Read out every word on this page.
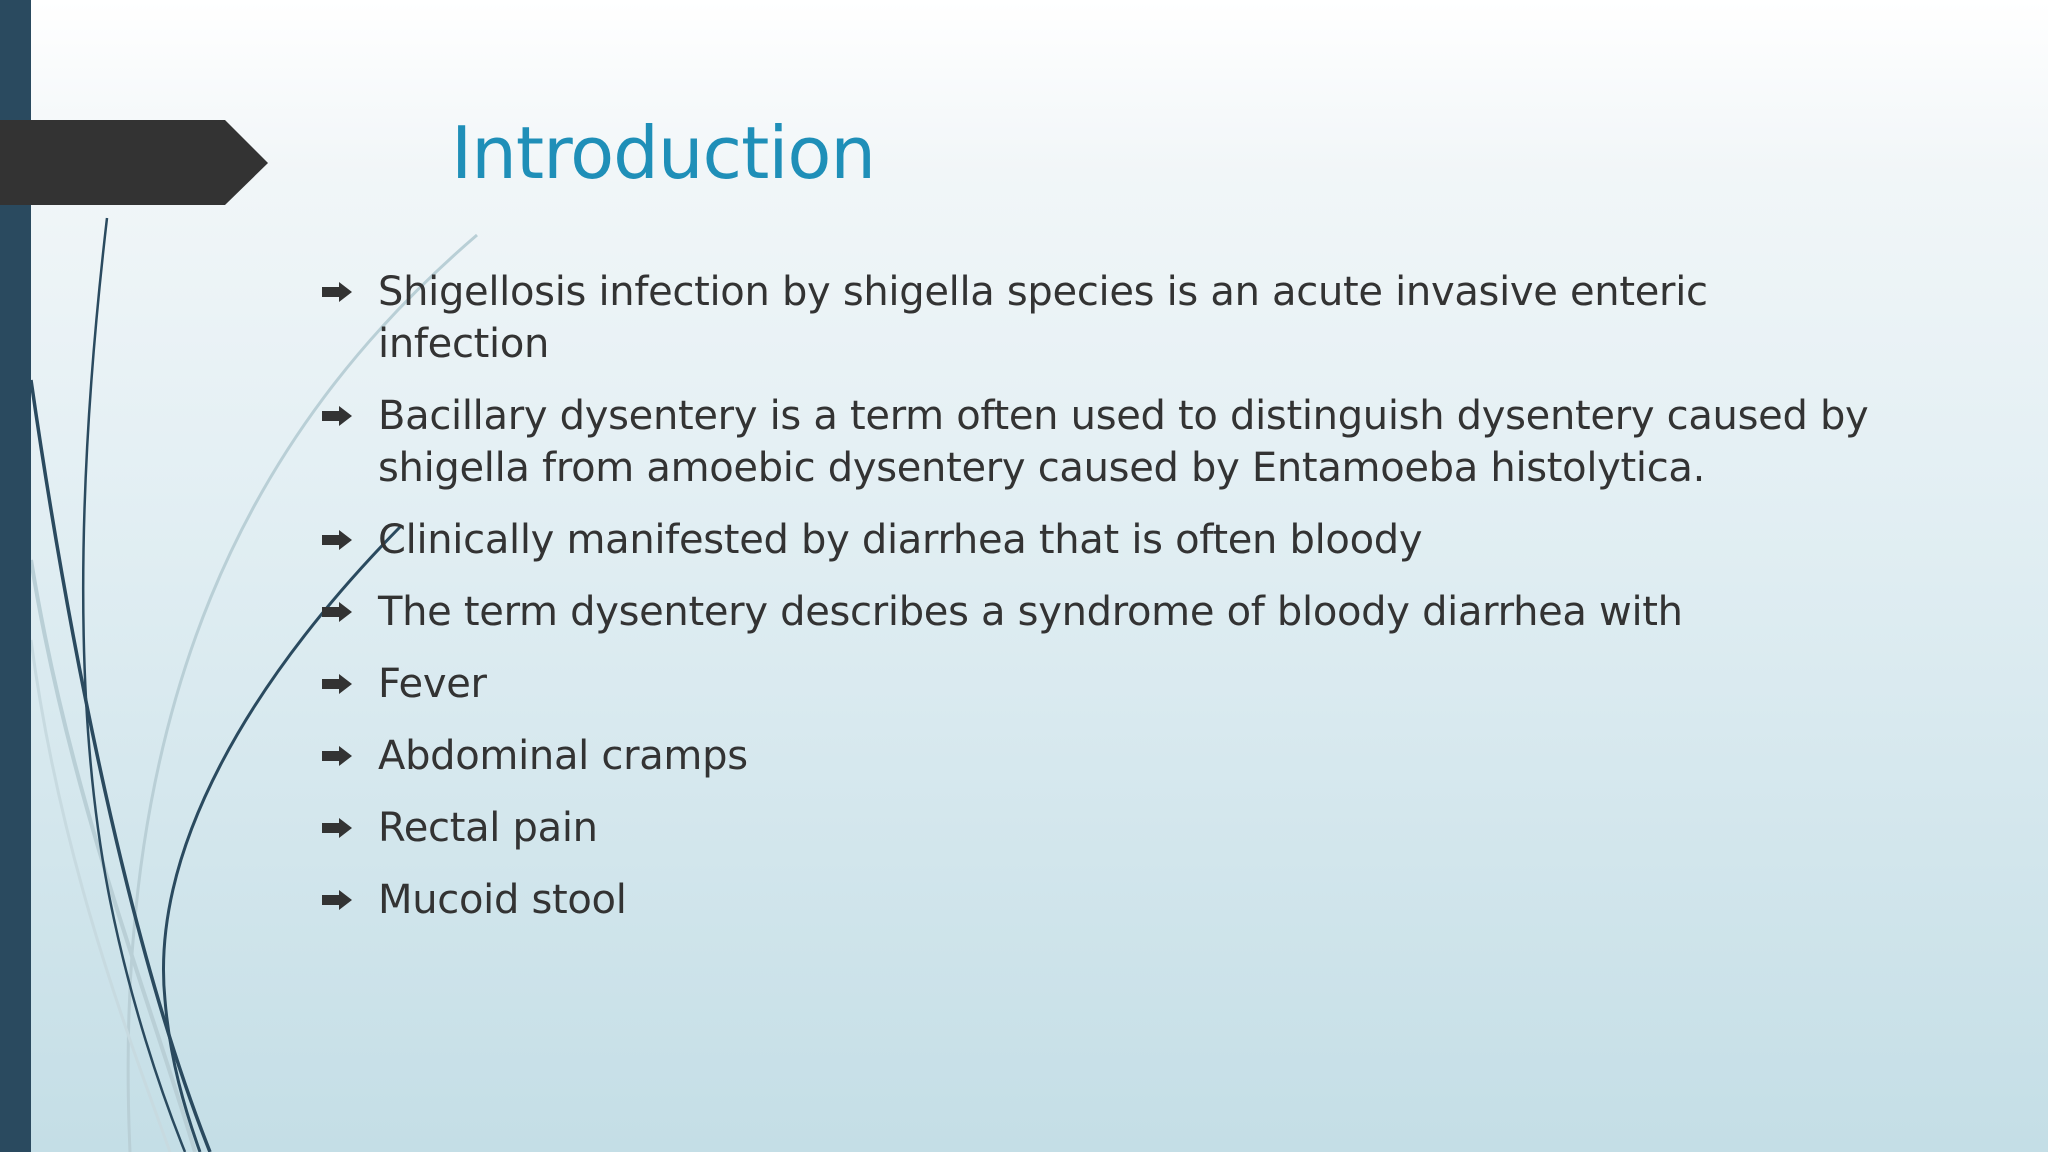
Introduction
Shigellosis infection by shigella species is an acute invasive enteric infection
Bacillary dysentery is a term often used to distinguish dysentery caused by shigella from amoebic dysentery caused by Entamoeba histolytica.
Clinically manifested by diarrhea that is often bloody
The term dysentery describes a syndrome of bloody diarrhea with
Fever
Abdominal cramps
Rectal pain
Mucoid stool
